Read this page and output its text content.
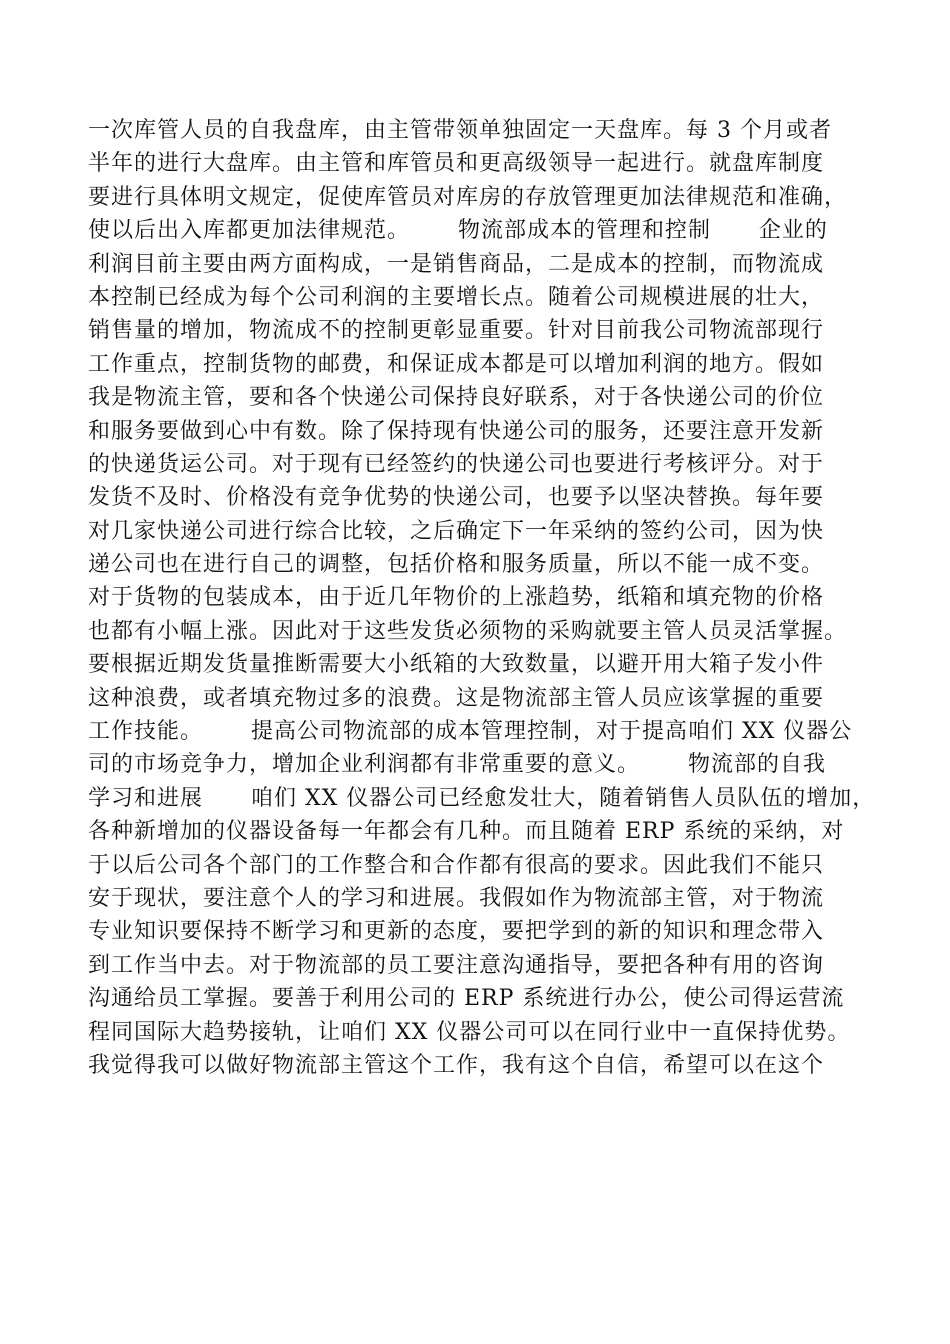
一次库管人员的自我盘库，由主管带领单独固定一天盘库。每 3 个月或者
半年的进行大盘库。由主管和库管员和更高级领导一起进行。就盘库制度
要进行具体明文规定，促使库管员对库房的存放管理更加法律规范和准确，
使以后出入库都更加法律规范。      物流部成本的管理和控制      企业的
利润目前主要由两方面构成，一是销售商品，二是成本的控制，而物流成
本控制已经成为每个公司利润的主要增长点。随着公司规模进展的壮大，
销售量的增加，物流成不的控制更彰显重要。针对目前我公司物流部现行
工作重点，控制货物的邮费，和保证成本都是可以增加利润的地方。假如
我是物流主管，要和各个快递公司保持良好联系，对于各快递公司的价位
和服务要做到心中有数。除了保持现有快递公司的服务，还要注意开发新
的快递货运公司。对于现有已经签约的快递公司也要进行考核评分。对于
发货不及时、价格没有竞争优势的快递公司，也要予以坚决替换。每年要
对几家快递公司进行综合比较，之后确定下一年采纳的签约公司，因为快
递公司也在进行自己的调整，包括价格和服务质量，所以不能一成不变。
对于货物的包装成本，由于近几年物价的上涨趋势，纸箱和填充物的价格
也都有小幅上涨。因此对于这些发货必须物的采购就要主管人员灵活掌握。
要根据近期发货量推断需要大小纸箱的大致数量，以避开用大箱子发小件
这种浪费，或者填充物过多的浪费。这是物流部主管人员应该掌握的重要
工作技能。      提高公司物流部的成本管理控制，对于提高咱们 XX 仪器公
司的市场竞争力，增加企业利润都有非常重要的意义。      物流部的自我
学习和进展      咱们 XX 仪器公司已经愈发壮大，随着销售人员队伍的增加，
各种新增加的仪器设备每一年都会有几种。而且随着 ERP 系统的采纳，对
于以后公司各个部门的工作整合和合作都有很高的要求。因此我们不能只
安于现状，要注意个人的学习和进展。我假如作为物流部主管，对于物流
专业知识要保持不断学习和更新的态度，要把学到的新的知识和理念带入
到工作当中去。对于物流部的员工要注意沟通指导，要把各种有用的咨询
沟通给员工掌握。要善于利用公司的 ERP 系统进行办公，使公司得运营流
程同国际大趋势接轨，让咱们 XX 仪器公司可以在同行业中一直保持优势。
我觉得我可以做好物流部主管这个工作，我有这个自信，希望可以在这个
